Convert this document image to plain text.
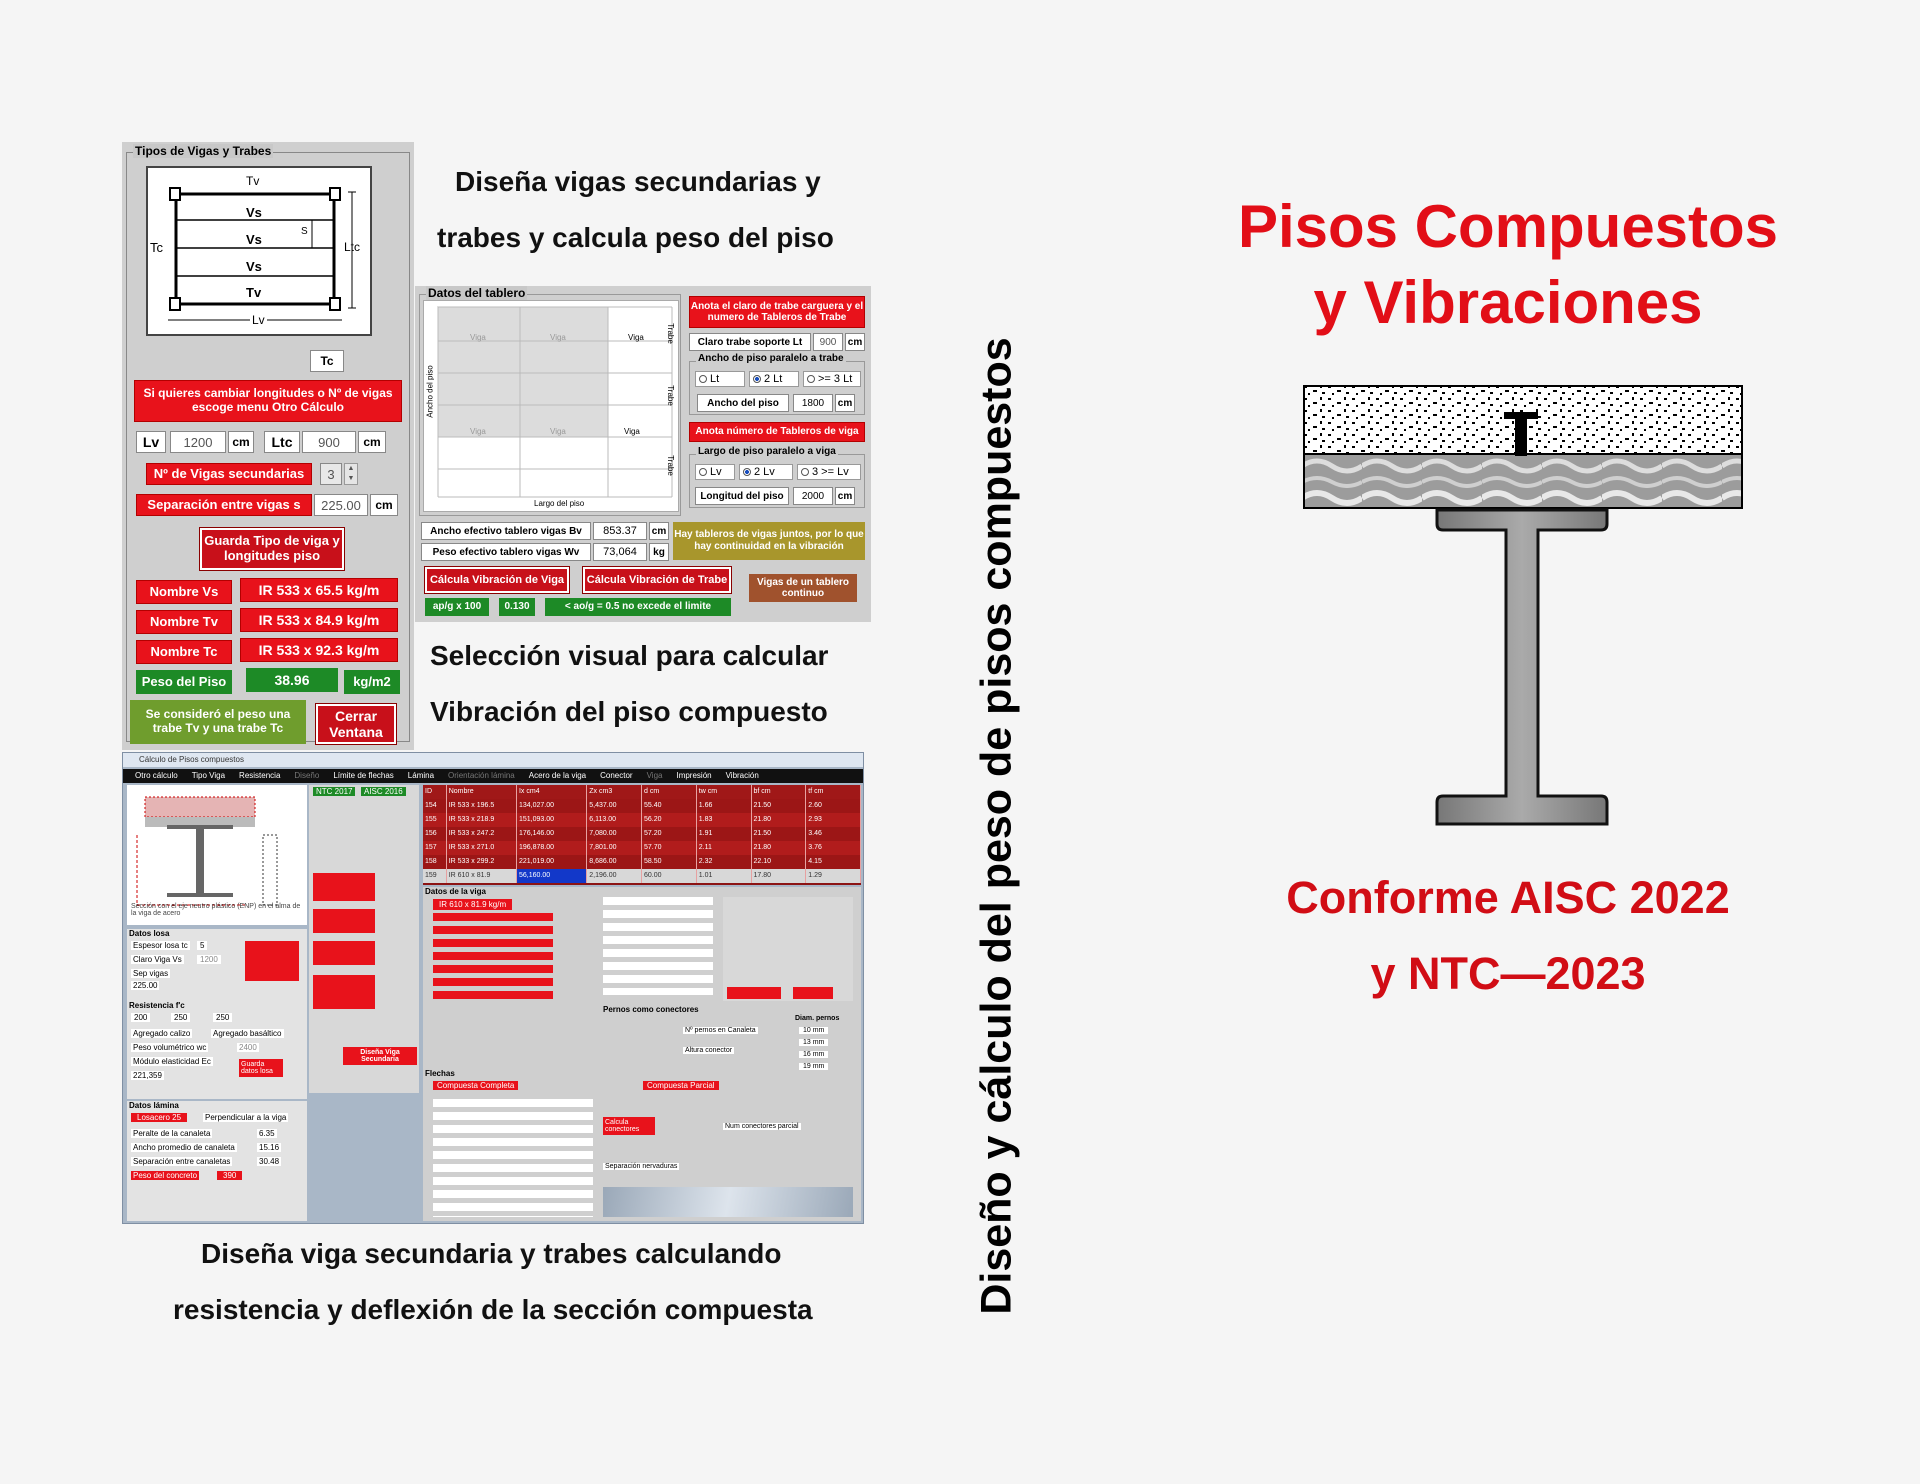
Tipos de Vigas y Trabes
Tv
Vs
Vs
Vs
Tv
Tc	Ltc
Lv
S
Tc
Si quieres cambiar longitudes o Nº de vigas escoge menu Otro Cálculo
Lv	1200	cm	Ltc	900	cm
Nº de Vigas secundarias	3	▲
▼
Separación entre vigas s	225.00	cm
Guarda Tipo de viga y longitudes piso
Nombre Vs	IR 533 x 65.5 kg/m
Nombre Tv	IR 533 x 84.9 kg/m
Nombre Tc	IR 533 x 92.3 kg/m
Peso del Piso	38.96	kg/m2
Se consideró el peso una trabe Tv y una trabe Tc
Cerrar Ventana
Datos del tablero
Viga	Viga	Viga
Viga	Viga	Viga
Trabe
Trabe
Trabe
Ancho del piso
Largo del piso
Anota el claro de trabe carguera y el numero de Tableros de Trabe
Claro trabe soporte Lt	900	cm
Ancho de piso paralelo a trabe
Lt	2 Lt	>= 3 Lt
Ancho del piso	1800	cm
Anota número de Tableros de viga
Largo de piso paralelo a viga
Lv	2 Lv	3 >= Lv
Longitud del piso	2000	cm
Ancho efectivo tablero vigas Bv	853.37	cm
Peso efectivo tablero vigas Wv	73,064	kg
Hay tableros de vigas juntos, por lo que hay continuidad en la vibración
Cálcula Vibración de Viga	Cálcula Vibración de Trabe	Vigas de un tablero continuo
ap/g x 100	0.130	< ao/g = 0.5 no excede el limite
Cálculo de Pisos compuestos
Otro cálculo Tipo Viga Resistencia Diseño Límite de flechas Lámina Orientación lámina Acero de la viga Conector Viga Impresión Vibración
Sección con el eje neutro plástico (ENP) en el alma de la viga de acero
Datos losa
Espesor losa tc	5
Claro Viga Vs	1200
Sep vigas
225.00
Resistencia f'c
200	250	250
Agregado calizo	Agregado basáltico
Peso volumétrico wc	2400
Módulo elasticidad Ec
221,359
Guarda datos losa
Datos lámina
Losacero 25	Perpendicular a la viga
Peralte de la canaleta	6.35
Ancho promedio de canaleta	15.16
Separación entre canaletas	30.48
Peso del concreto	390
NTC 2017	AISC 2016
Diseña Viga Secundaria
ID	Nombre	Ix cm4	Zx cm3	d cm	tw cm	bf cm	tf cm
154	IR 533 x 196.5	134,027.00	5,437.00	55.40	1.66	21.50	2.60
155	IR 533 x 218.9	151,093.00	6,113.00	56.20	1.83	21.80	2.93
156	IR 533 x 247.2	176,146.00	7,080.00	57.20	1.91	21.50	3.46
157	IR 533 x 271.0	196,878.00	7,801.00	57.70	2.11	21.80	3.76
158	IR 533 x 299.2	221,019.00	8,686.00	58.50	2.32	22.10	4.15
159	IR 610 x 81.9	56,160.00	2,196.00	60.00	1.01	17.80	1.29
Datos de la viga
IR 610 x 81.9 kg/m
Flechas
Compuesta Completa	Compuesta Parcial
Pernos como conectores
Nº pernos en Canaleta
Altura conector
Calcula conectores	Num conectores parcial
Separación nervaduras
Diam. pernos
10 mm
13 mm
16 mm
19 mm
Diseña vigas secundarias y
trabes y calcula peso del piso
Selección visual para calcular
Vibración del piso compuesto
Diseña viga secundaria y trabes calculando
resistencia y deflexión de la sección compuesta	Diseño y cálculo del peso de pisos compuestos
Pisos Compuestos
y Vibraciones
Conforme AISC 2022
y NTC—2023
